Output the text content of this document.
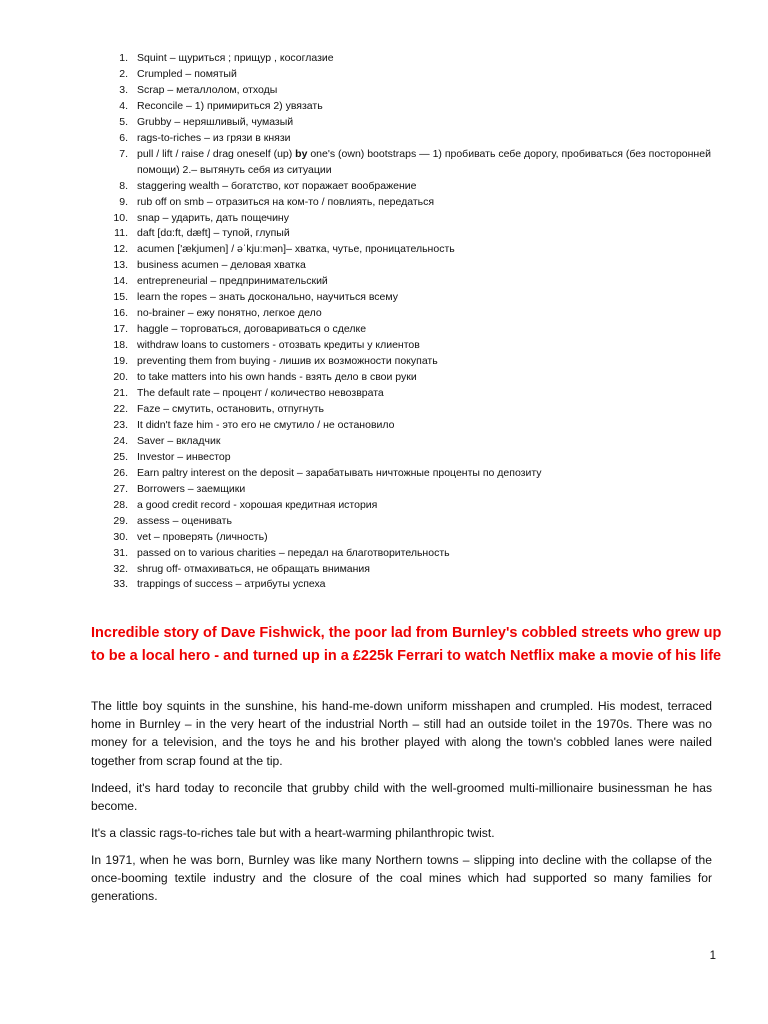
1. Squint – щуриться ; прищур , косоглазие
2. Crumpled – помятый
3. Scrap – металлолом, отходы
4. Reconcile – 1) примириться 2) увязать
5. Grubby – неряшливый, чумазый
6. rags-to-riches – из грязи в князи
7. pull / lift / raise / drag oneself (up) by one's (own) bootstraps — 1) пробивать себе дорогу, пробиваться (без посторонней помощи) 2.– вытянуть себя из ситуации
8. staggering wealth – богатство, кот поражает воображение
9. rub off on smb – отразиться на ком-то / повлиять, передаться
10. snap – ударить, дать пощечину
11. daft [dɑ:ft, dæft] – тупой, глупый
12. acumen ['ækjumen] / əˈkjuːmən]– хватка, чутье, проницательность
13. business acumen – деловая хватка
14. entrepreneurial – предпринимательский
15. learn the ropes – знать досконально, научиться всему
16. no-brainer – ежу понятно, легкое дело
17. haggle – торговаться, договариваться о сделке
18. withdraw loans to customers - отозвать кредиты у клиентов
19. preventing them from buying - лишив их возможности покупать
20. to take matters into his own hands - взять дело в свои руки
21. The default rate – процент / количество невозврата
22. Faze – смутить, остановить, отпугнуть
23. It didn't faze him - это его не смутило / не остановило
24. Saver – вкладчик
25. Investor – инвестор
26. Earn paltry interest on the deposit – зарабатывать ничтожные проценты по депозиту
27. Borrowers – заемщики
28. a good credit record - хорошая кредитная история
29. assess – оценивать
30. vet – проверять (личность)
31. passed on to various charities – передал на благотворительность
32. shrug off- отмахиваться, не обращать внимания
33. trappings of success – атрибуты успеха
Incredible story of Dave Fishwick, the poor lad from Burnley's cobbled streets who grew up to be a local hero - and turned up in a £225k Ferrari to watch Netflix make a movie of his life

The little boy squints in the sunshine, his hand-me-down uniform misshapen and crumpled. His modest, terraced home in Burnley – in the very heart of the industrial North – still had an outside toilet in the 1970s. There was no money for a television, and the toys he and his brother played with along the town's cobbled lanes were nailed together from scrap found at the tip.

Indeed, it's hard today to reconcile that grubby child with the well-groomed multi-millionaire businessman he has become.

It's a classic rags-to-riches tale but with a heart-warming philanthropic twist.

In 1971, when he was born, Burnley was like many Northern towns – slipping into decline with the collapse of the once-booming textile industry and the closure of the coal mines which had supported so many families for generations.

1
